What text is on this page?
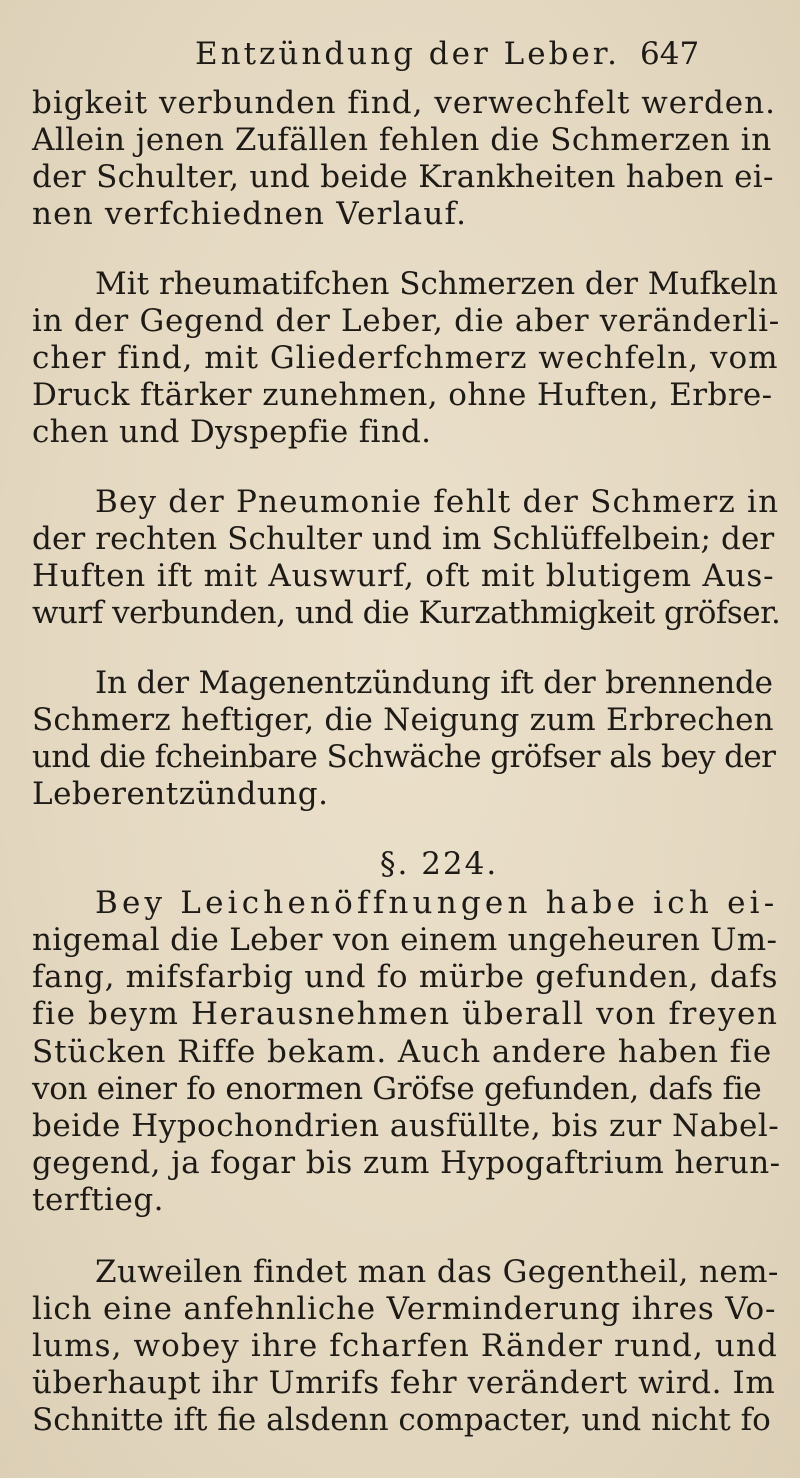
Entzündung der Leber. 647
bigkeit verbunden find, verwechfelt werden.
Allein jenen Zufällen fehlen die Schmerzen in
der Schulter, und beide Krankheiten haben ei-
nen verfchiednen Verlauf.
Mit rheumatifchen Schmerzen der Mufkeln
in der Gegend der Leber, die aber veränderli-
cher find, mit Gliederfchmerz wechfeln, vom
Druck ftärker zunehmen, ohne Huften, Erbre-
chen und Dyspepfie find.
Bey der Pneumonie fehlt der Schmerz in
der rechten Schulter und im Schlüffelbein; der
Huften ift mit Auswurf, oft mit blutigem Aus-
wurf verbunden, und die Kurzathmigkeit gröfser.
In der Magenentzündung ift der brennende
Schmerz heftiger, die Neigung zum Erbrechen
und die fcheinbare Schwäche gröfser als bey der
Leberentzündung.
§. 224.
Bey Leichenöffnungen habe ich ei-
nigemal die Leber von einem ungeheuren Um-
fang, mifsfarbig und fo mürbe gefunden, dafs
fie beym Herausnehmen überall von freyen
Stücken Riffe bekam. Auch andere haben fie
von einer fo enormen Gröfse gefunden, dafs fie
beide Hypochondrien ausfüllte, bis zur Nabel-
gegend, ja fogar bis zum Hypogaftrium herun-
terftieg.
Zuweilen findet man das Gegentheil, nem-
lich eine anfehnliche Verminderung ihres Vo-
lums, wobey ihre fcharfen Ränder rund, und
überhaupt ihr Umrifs fehr verändert wird. Im
Schnitte ift fie alsdenn compacter, und nicht fo
